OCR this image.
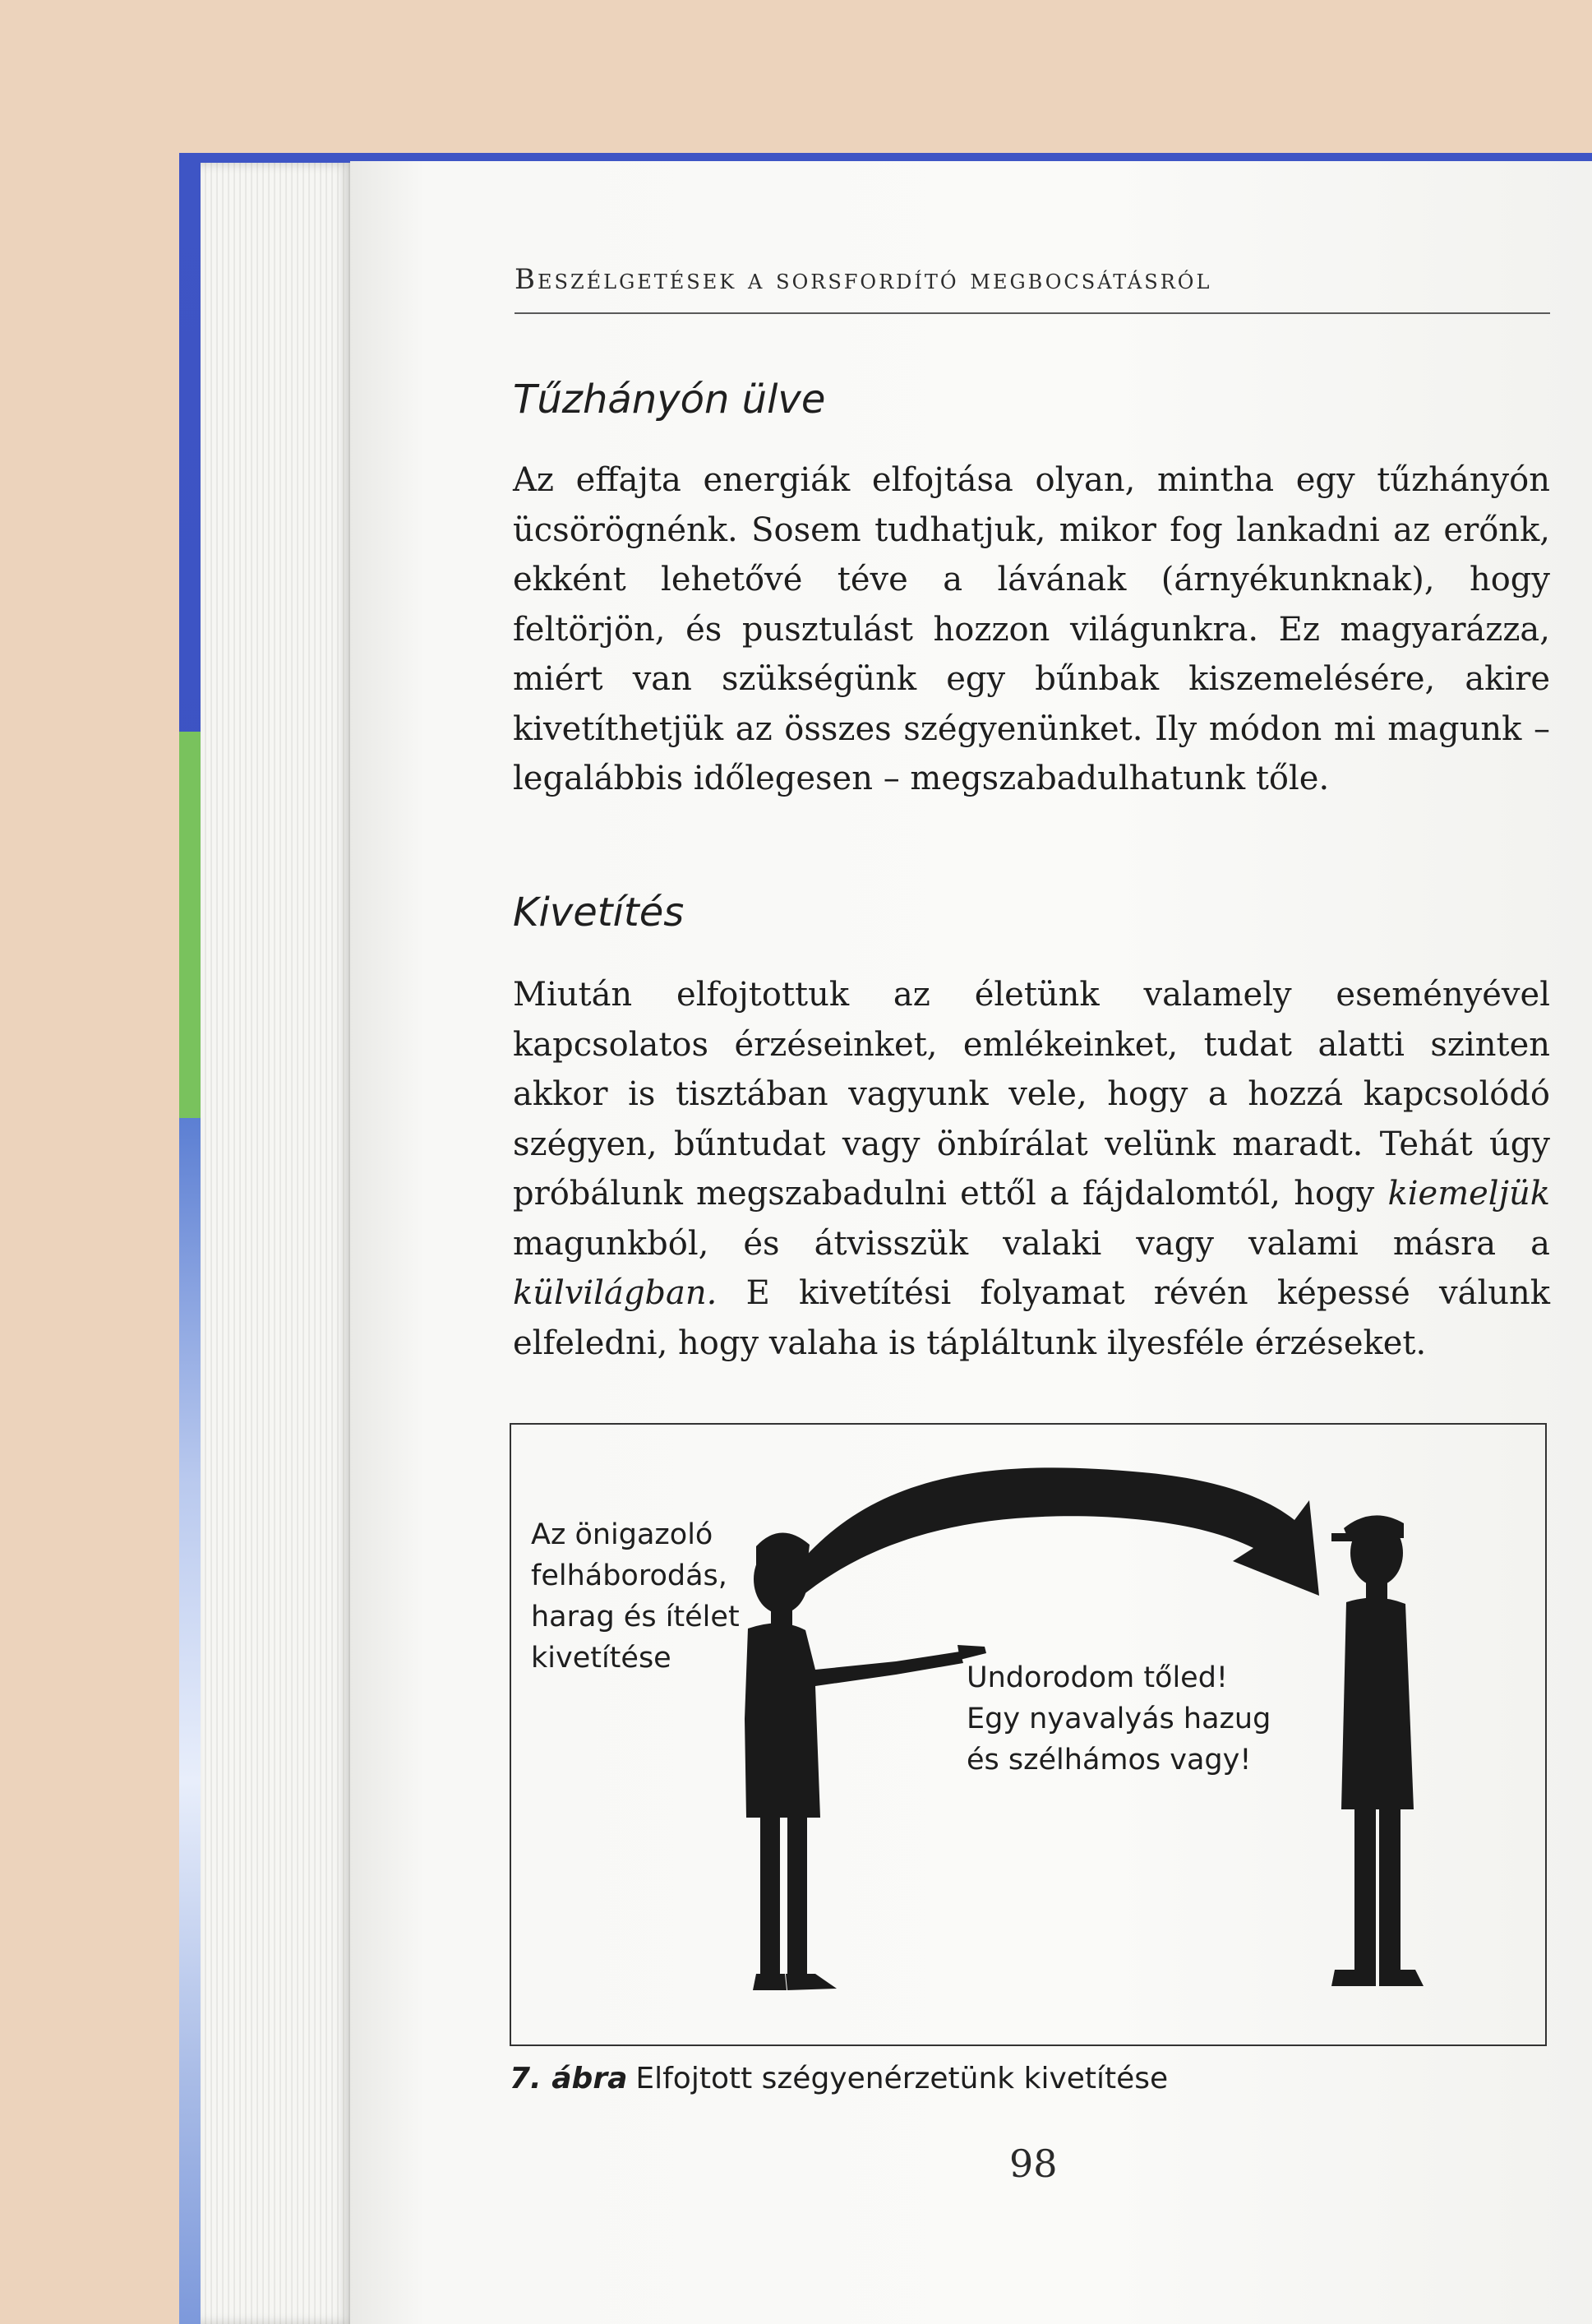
Beszélgetések a sorsfordító megbocsátásról
Tűzhányón ülve
Az effajta energiák elfojtása olyan, mintha egy tűzhányón ücsörögnénk. Sosem tudhatjuk, mikor fog lankadni az erőnk, ekként lehetővé téve a lávának (árnyékunknak), hogy feltörjön, és pusztulást hozzon világunkra. Ez magyarázza, miért van szükségünk egy bűnbak kiszemelésére, akire kivetíthetjük az összes szégyenünket. Ily módon mi magunk – legalábbis időlegesen – megszabadulhatunk tőle.
Kivetítés
Miután elfojtottuk az életünk valamely eseményével kapcsolatos érzéseinket, emlékeinket, tudat alatti szinten akkor is tisztában vagyunk vele, hogy a hozzá kapcsolódó szégyen, bűntudat vagy önbírálat velünk maradt. Tehát úgy próbálunk megszabadulni ettől a fájdalomtól, hogy kiemeljük magunkból, és átvisszük valaki vagy valami másra a külvilágban. E kivetítési folyamat révén képessé válunk elfeledni, hogy valaha is tápláltunk ilyesféle érzéseket.
Az önigazoló
felháborodás,
harag és ítélet
kivetítése
Undorodom tőled!
Egy nyavalyás hazug
és szélhámos vagy!
7. ábra Elfojtott szégyenérzetünk kivetítése
98
